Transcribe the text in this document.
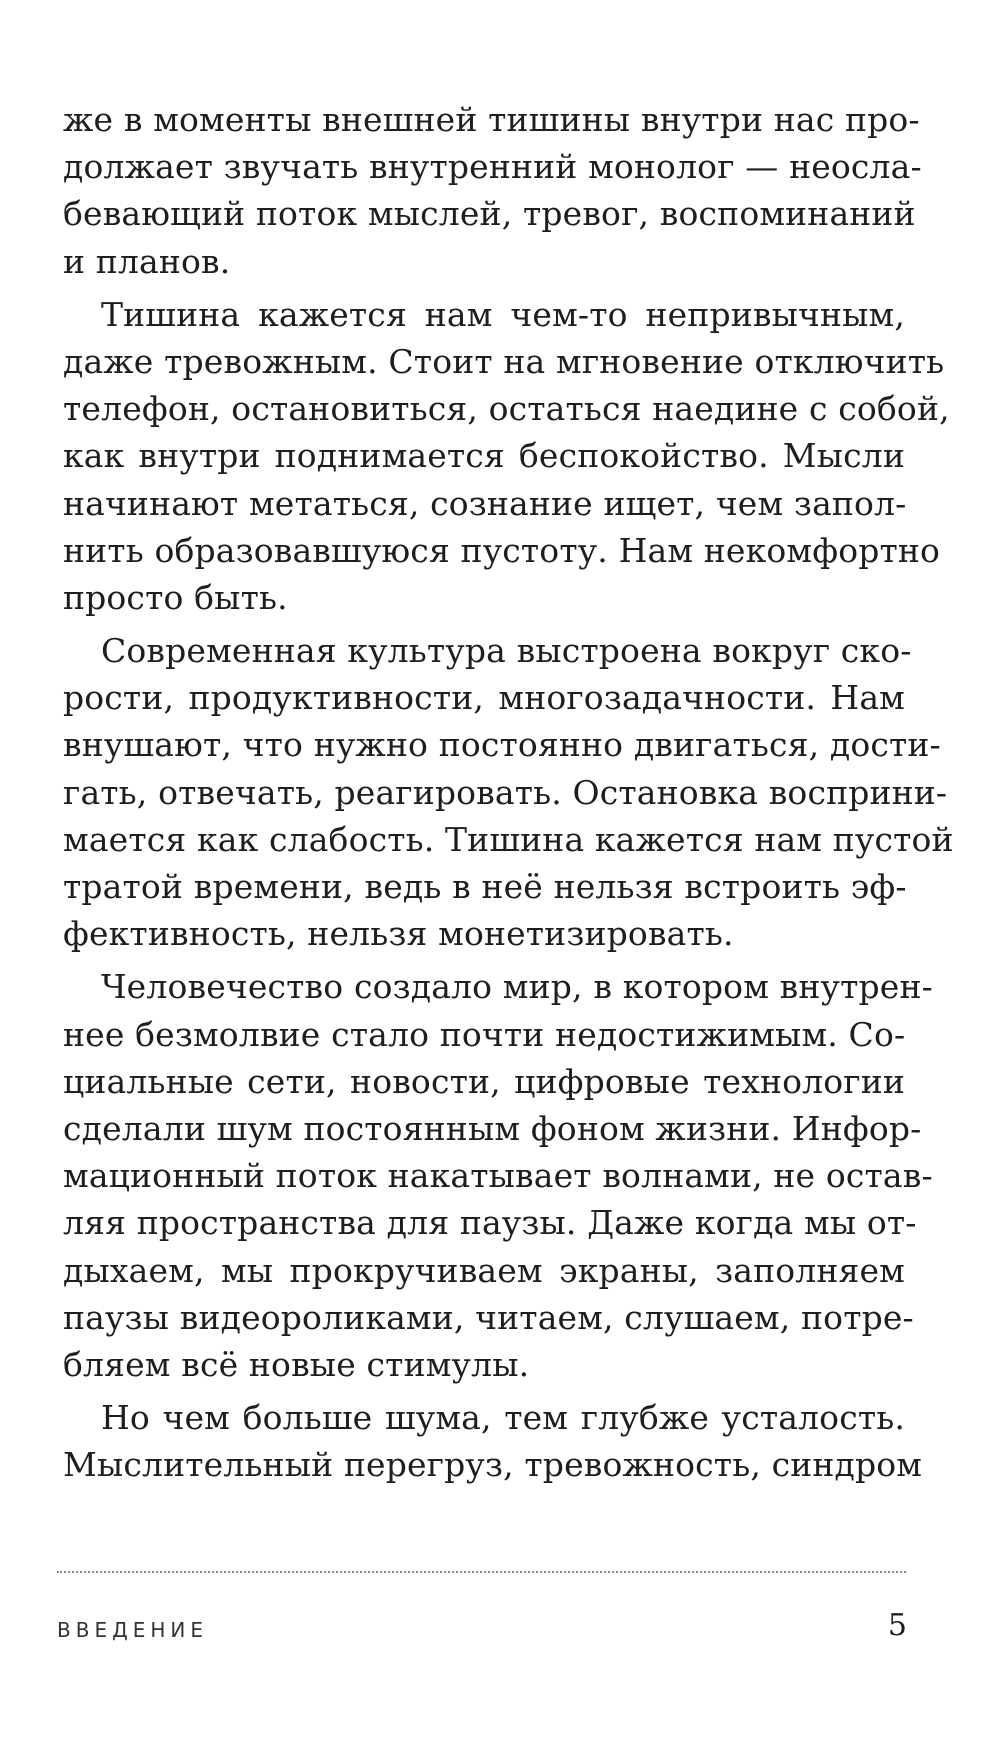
же в моменты внешней тишины внутри нас про-
должает звучать внутренний монолог — неосла-
бевающий поток мыслей, тревог, воспоминаний
и планов.
Тишина кажется нам чем-то непривычным,
даже тревожным. Стоит на мгновение отключить
телефон, остановиться, остаться наедине с собой,
как внутри поднимается беспокойство. Мысли
начинают метаться, сознание ищет, чем запол-
нить образовавшуюся пустоту. Нам некомфортно
просто быть.
Современная культура выстроена вокруг ско-
рости, продуктивности, многозадачности. Нам
внушают, что нужно постоянно двигаться, дости-
гать, отвечать, реагировать. Остановка восприни-
мается как слабость. Тишина кажется нам пустой
тратой времени, ведь в неё нельзя встроить эф-
фективность, нельзя монетизировать.
Человечество создало мир, в котором внутрен-
нее безмолвие стало почти недостижимым. Со-
циальные сети, новости, цифровые технологии
сделали шум постоянным фоном жизни. Инфор-
мационный поток накатывает волнами, не остав-
ляя пространства для паузы. Даже когда мы от-
дыхаем, мы прокручиваем экраны, заполняем
паузы видеороликами, читаем, слушаем, потре-
бляем всё новые стимулы.
Но чем больше шума, тем глубже усталость.
Мыслительный перегруз, тревожность, синдром
ВВЕДЕНИЕ	5
